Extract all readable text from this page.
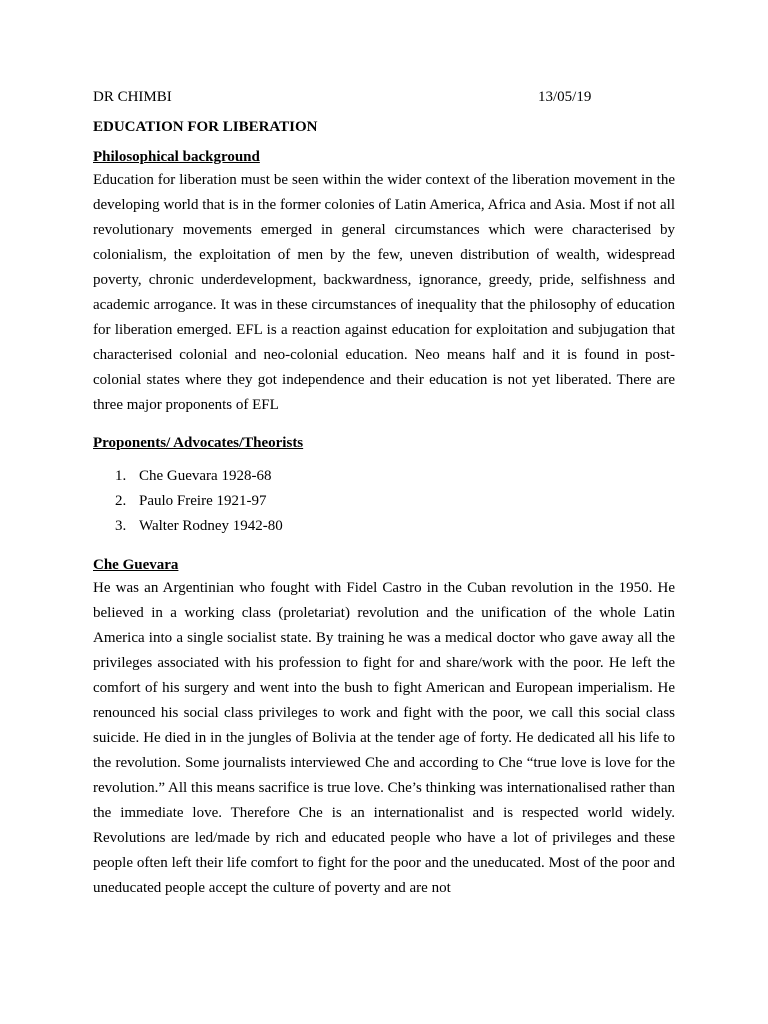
DR CHIMBI	13/05/19
EDUCATION FOR LIBERATION
Philosophical background

Education for liberation must be seen within the wider context of the liberation movement in the developing world that is in the former colonies of Latin America, Africa and Asia. Most if not all revolutionary movements emerged in general circumstances which were characterised by colonialism, the exploitation of men by the few, uneven distribution of wealth, widespread poverty, chronic underdevelopment, backwardness, ignorance, greedy, pride, selfishness and academic arrogance. It was in these circumstances of inequality that the philosophy of education for liberation emerged. EFL is a reaction against education for exploitation and subjugation that characterised colonial and neo-colonial education. Neo means half and it is found in post-colonial states where they got independence and their education is not yet liberated. There are three major proponents of EFL

Proponents/ Advocates/Theorists
1. Che Guevara 1928-68
2. Paulo Freire 1921-97
3. Walter Rodney 1942-80
Che Guevara

He was an Argentinian who fought with Fidel Castro in the Cuban revolution in the 1950. He believed in a working class (proletariat) revolution and the unification of the whole Latin America into a single socialist state. By training he was a medical doctor who gave away all the privileges associated with his profession to fight for and share/work with the poor. He left the comfort of his surgery and went into the bush to fight American and European imperialism. He renounced his social class privileges to work and fight with the poor, we call this social class suicide. He died in in the jungles of Bolivia at the tender age of forty. He dedicated all his life to the revolution. Some journalists interviewed Che and according to Che “true love is love for the revolution.” All this means sacrifice is true love. Che’s thinking was internationalised rather than the immediate love. Therefore Che is an internationalist and is respected world widely. Revolutions are led/made by rich and educated people who have a lot of privileges and these people often left their life comfort to fight for the poor and the uneducated. Most of the poor and uneducated people accept the culture of poverty and are not
